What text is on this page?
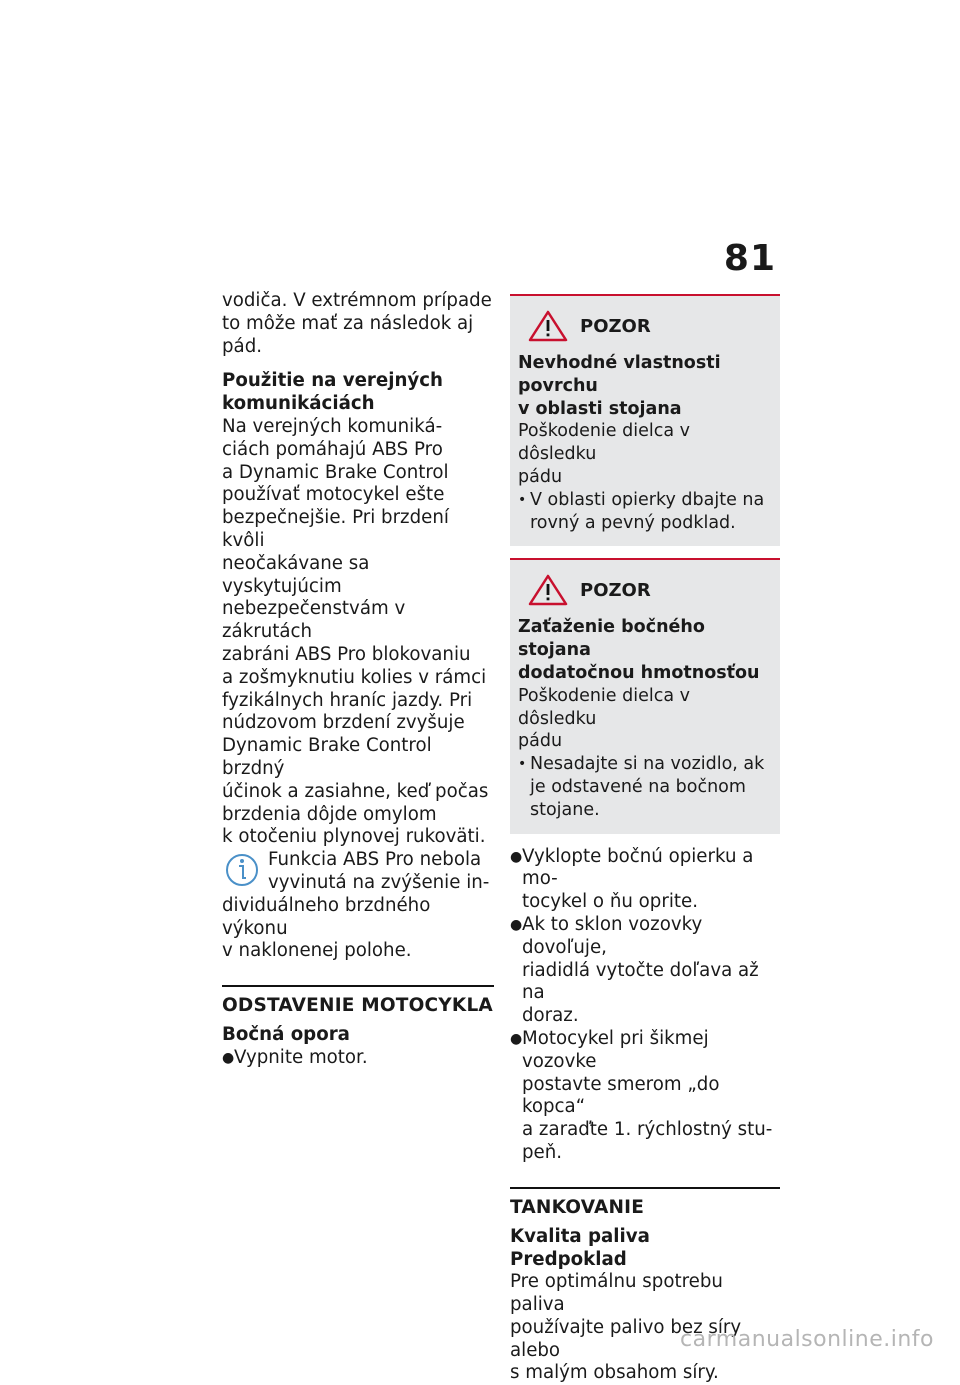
81
vodiča. V extrémnom prípade
to môže mať za následok aj
pád.
Použitie na verejných
komunikáciách
Na verejných komuniká-
ciách pomáhajú ABS Pro
a Dynamic Brake Control
používať motocykel ešte
bezpečnejšie. Pri brzdení kvôli
neočakávane sa vyskytujúcim
nebezpečenstvám v zákrutách
zabráni ABS Pro blokovaniu
a zošmyknutiu kolies v rámci
fyzikálnych hraníc jazdy. Pri
núdzovom brzdení zvyšuje
Dynamic Brake Control brzdný
účinok a zasiahne, keď počas
brzdenia dôjde omylom
k otočeniu plynovej rukoväti.
Funkcia ABS Pro nebola
vyvinutá na zvýšenie in-
dividuálneho brzdného výkonu
v naklonenej polohe.
ODSTAVENIE MOTOCYKLA
Bočná opora
● Vypnite motor.
POZOR
Nevhodné vlastnosti povrchu
v oblasti stojana
Poškodenie dielca v dôsledku
pádu
• V oblasti opierky dbajte na
rovný a pevný podklad.
POZOR
Zaťaženie bočného stojana
dodatočnou hmotnosťou
Poškodenie dielca v dôsledku
pádu
• Nesadajte si na vozidlo, ak
je odstavené na bočnom
stojane.
● Vyklopte bočnú opierku a mo-
tocykel o ňu oprite.
● Ak to sklon vozovky dovoľuje,
riadidlá vytočte doľava až na
doraz.
● Motocykel pri šikmej vozovke
postavte smerom „do kopca“
a zaraďte 1. rýchlostný stu-
peň.
TANKOVANIE
Kvalita paliva
Predpoklad
Pre optimálnu spotrebu paliva
používajte palivo bez síry alebo
s malým obsahom síry.
carmanualsonline.info
